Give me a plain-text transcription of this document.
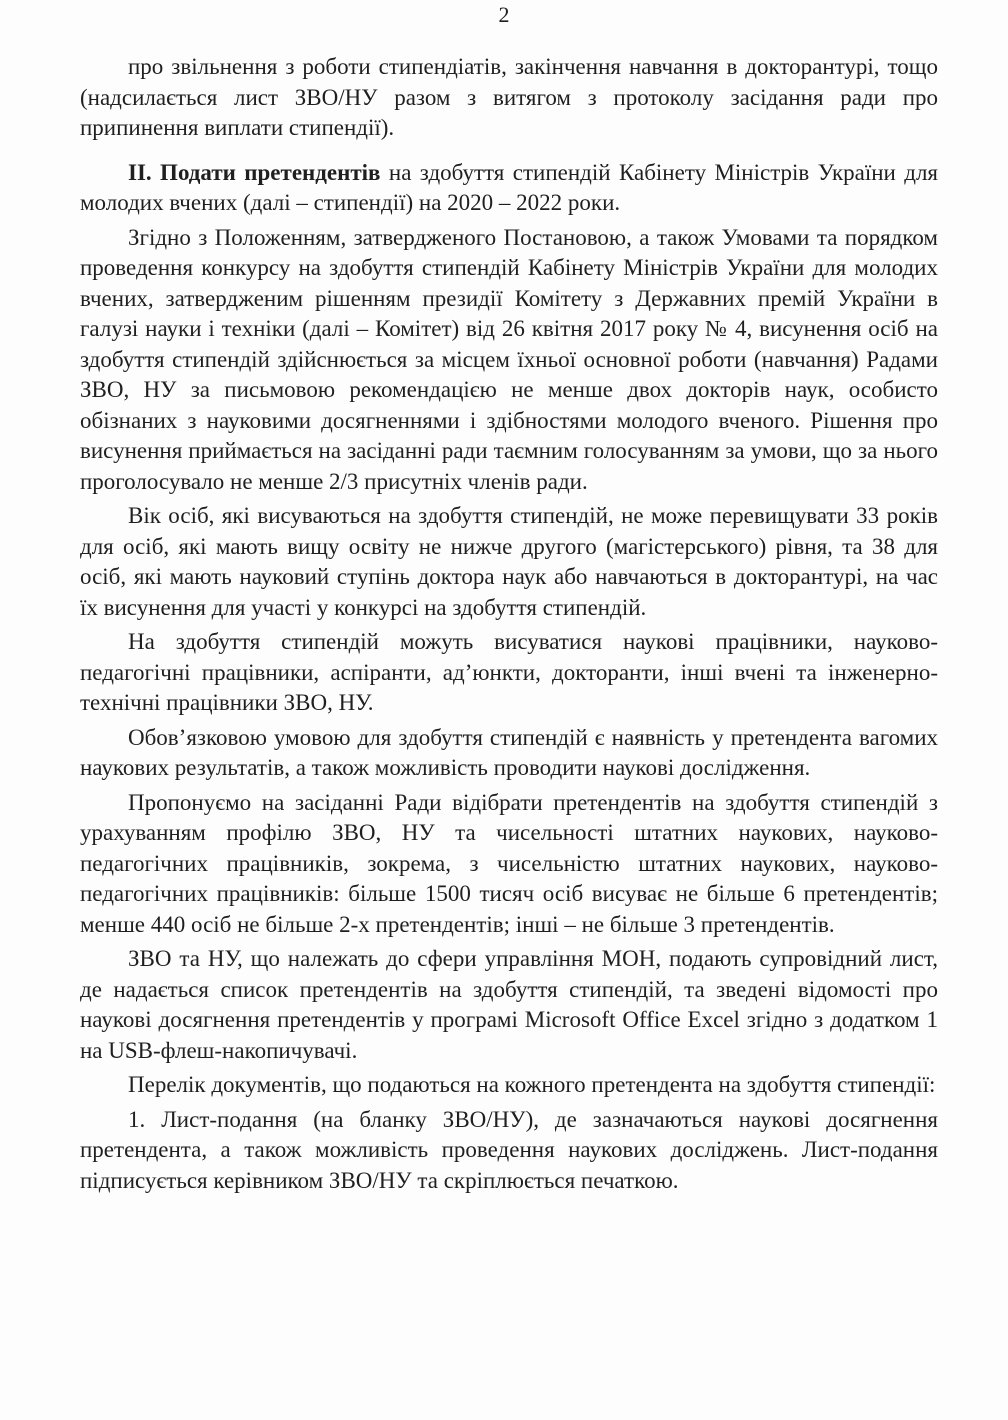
2

про звільнення з роботи стипендіатів, закінчення навчання в докторантурі, тощо (надсилається лист ЗВО/НУ разом з витягом з протоколу засідання ради про припинення виплати стипендії).

II. Подати претендентів на здобуття стипендій Кабінету Міністрів України для молодих вчених (далі – стипендії) на 2020 – 2022 роки.

Згідно з Положенням, затвердженого Постановою, а також Умовами та порядком проведення конкурсу на здобуття стипендій Кабінету Міністрів України для молодих вчених, затвердженим рішенням президії Комітету з Державних премій України в галузі науки і техніки (далі – Комітет) від 26 квітня 2017 року № 4, висунення осіб на здобуття стипендій здійснюється за місцем їхньої основної роботи (навчання) Радами ЗВО, НУ за письмовою рекомендацією не менше двох докторів наук, особисто обізнаних з науковими досягненнями і здібностями молодого вченого. Рішення про висунення приймається на засіданні ради таємним голосуванням за умови, що за нього проголосувало не менше 2/3 присутніх членів ради.

Вік осіб, які висуваються на здобуття стипендій, не може перевищувати 33 років для осіб, які мають вищу освіту не нижче другого (магістерського) рівня, та 38 для осіб, які мають науковий ступінь доктора наук або навчаються в докторантурі, на час їх висунення для участі у конкурсі на здобуття стипендій.

На здобуття стипендій можуть висуватися наукові працівники, науково-педагогічні працівники, аспіранти, ад’юнкти, докторанти, інші вчені та інженерно-технічні працівники ЗВО, НУ.

Обов’язковою умовою для здобуття стипендій є наявність у претендента вагомих наукових результатів, а також можливість проводити наукові дослідження.

Пропонуємо на засіданні Ради відібрати претендентів на здобуття стипендій з урахуванням профілю ЗВО, НУ та чисельності штатних наукових, науково-педагогічних працівників, зокрема, з чисельністю штатних наукових, науково-педагогічних працівників: більше 1500 тисяч осіб висуває не більше 6 претендентів; менше 440 осіб не більше 2-х претендентів; інші – не більше 3 претендентів.

ЗВО та НУ, що належать до сфери управління МОН, подають супровідний лист, де надається список претендентів на здобуття стипендій, та зведені відомості про наукові досягнення претендентів у програмі Microsoft Office Excel згідно з додатком 1 на USB-флеш-накопичувачі.

Перелік документів, що подаються на кожного претендента на здобуття стипендії:

1. Лист-подання (на бланку ЗВО/НУ), де зазначаються наукові досягнення претендента, а також можливість проведення наукових досліджень. Лист-подання підписується керівником ЗВО/НУ та скріплюється печаткою.
